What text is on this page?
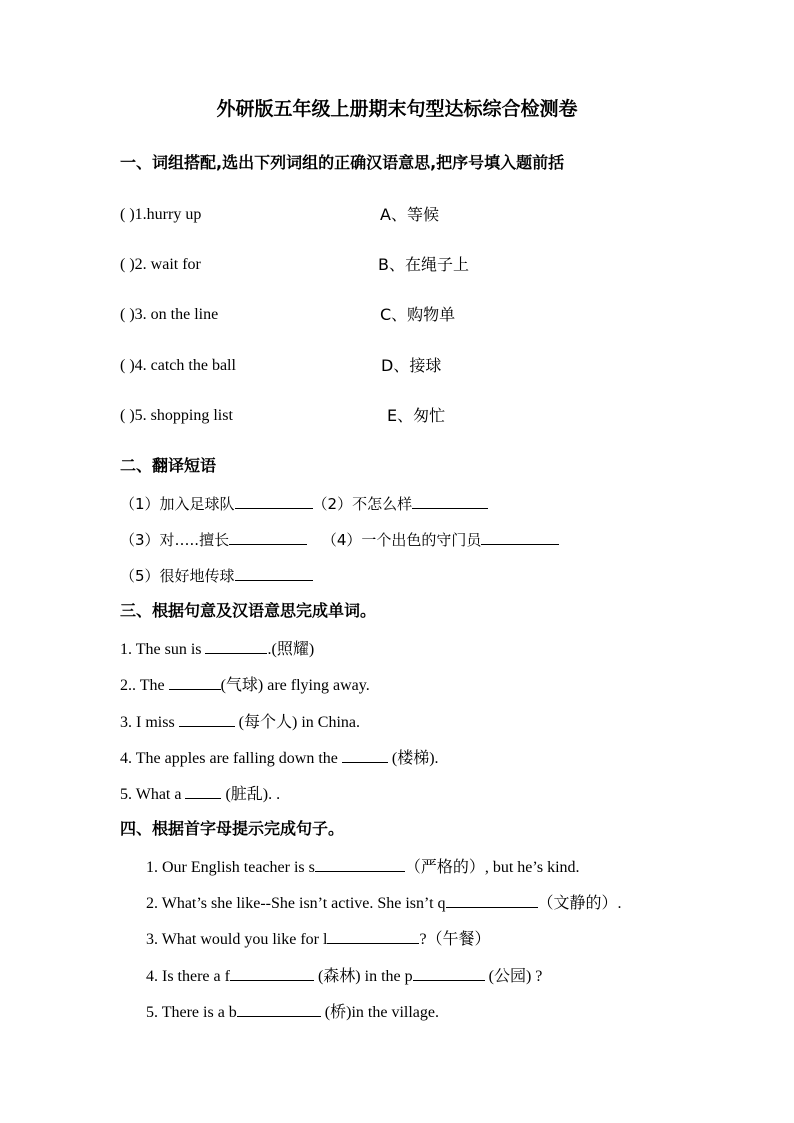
外研版五年级上册期末句型达标综合检测卷
一、词组搭配,选出下列词组的正确汉语意思,把序号填入题前括
( )1.hurry up	A、等候
( )2. wait for	B、在绳子上
( )3. on the line	C、购物单
( )4. catch the ball	D、接球
( )5. shopping list	E、匆忙
二、翻译短语
（1）加入足球队	（2）不怎么样
（3）对…..擅长	（4）一个出色的守门员
（5）很好地传球
三、根据句意及汉语意思完成单词。
1. The sun is	.(照耀)
2.. The	(气球) are flying away.
3. I miss	(每个人) in China.
4. The apples are falling down the	(楼梯).
5. What a  (脏乱). .
四、根据首字母提示完成句子。
1. Our English teacher is s	（严格的）, but he’s kind.
2. What’s she like--She isn’t active. She isn’t q	（文静的）.
3. What would you like for l	?（午餐）
4. Is there a f	(森林) in the p	(公园) ?
5. There is a b	(桥)in the village.
